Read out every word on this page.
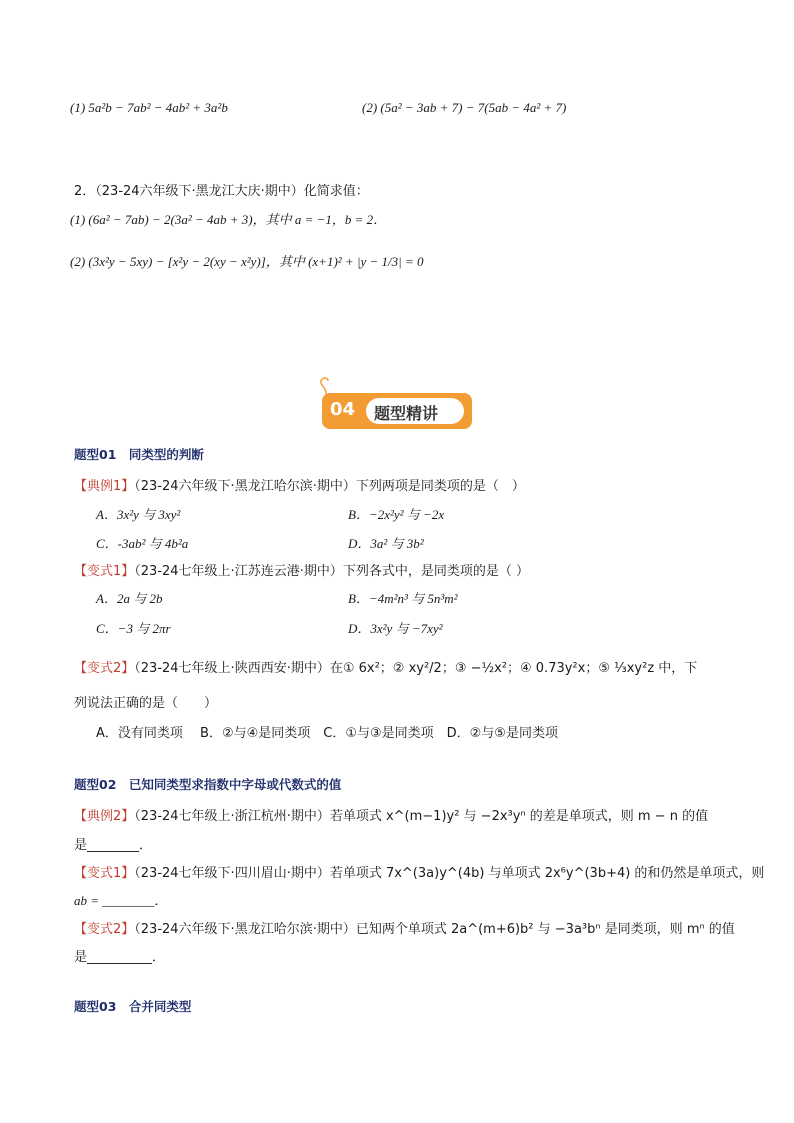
(1) 5a²b − 7ab² − 4ab² + 3a²b	(2) (5a² − 3ab + 7) − 7(5ab − 4a² + 7)
2．（23-24六年级下·黑龙江大庆·期中）化简求值：
(1) (6a² − 7ab) − 2(3a² − 4ab + 3)，其中 a = −1，b = 2．
(2) (3x²y − 5xy) − [x²y − 2(xy − x²y)]，其中 (x+1)² + |y − 1/3| = 0
04 题型精讲
题型01　同类型的判断
【典例1】（23-24六年级下·黑龙江哈尔滨·期中）下列两项是同类项的是（　）
A．3x²y 与 3xy²	B．−2x²y² 与 −2x
C．-3ab² 与 4b²a	D．3a² 与 3b²
【变式1】（23-24七年级上·江苏连云港·期中）下列各式中，是同类项的是（ ）
A．2a 与 2b	B．−4m²n³ 与 5n³m²
C．−3 与 2πr	D．3x²y 与 −7xy²
【变式2】（23-24七年级上·陕西西安·期中）在① 6x²；② xy²/2；③ −½x²；④ 0.73y²x；⑤ ⅓xy²z 中，下
列说法正确的是（　　）
A．没有同类项　 B．②与④是同类项　C．①与③是同类项　D．②与⑤是同类项
题型02　已知同类型求指数中字母或代数式的值
【典例2】（23-24七年级上·浙江杭州·期中）若单项式 x^(m−1)y² 与 −2x³yⁿ 的差是单项式，则 m − n 的值
是________．
【变式1】（23-24七年级下·四川眉山·期中）若单项式 7x^(3a)y^(4b) 与单项式 2x⁶y^(3b+4) 的和仍然是单项式，则
ab = ________．
【变式2】（23-24六年级下·黑龙江哈尔滨·期中）已知两个单项式 2a^(m+6)b² 与 −3a³bⁿ 是同类项，则 mⁿ 的值
是__________．
题型03　合并同类型
